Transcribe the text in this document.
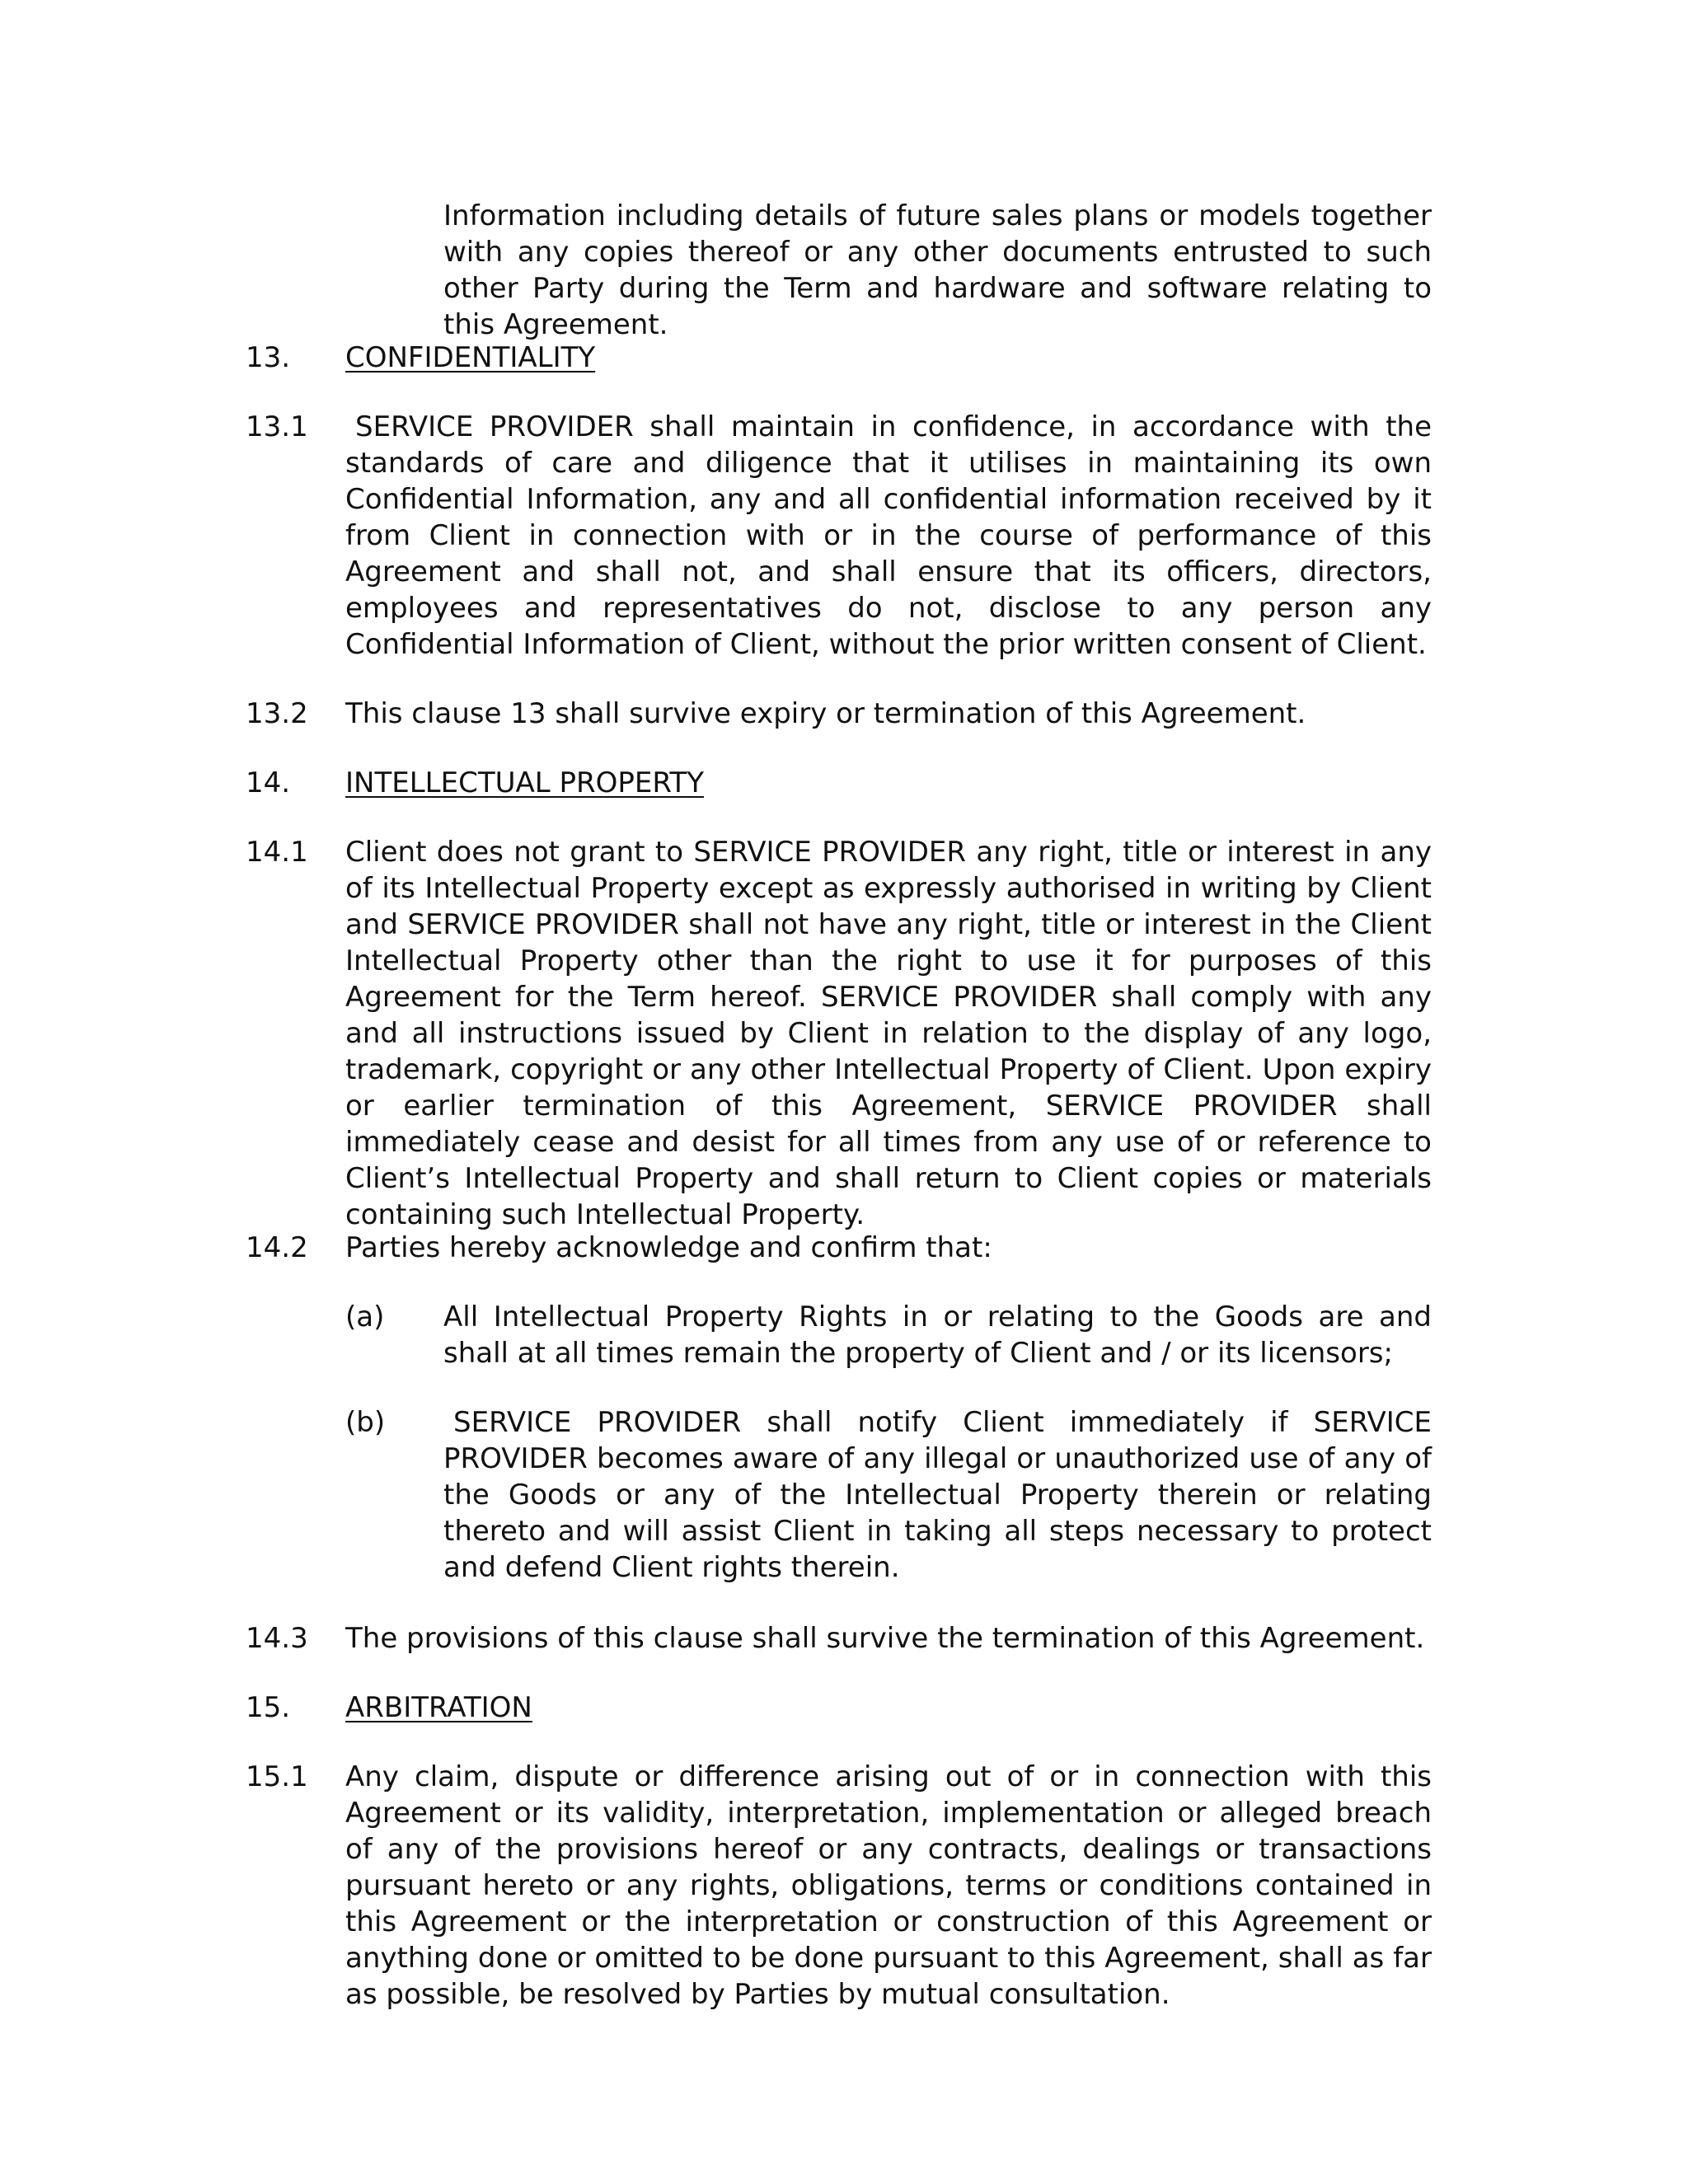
Information including details of future sales plans or models together with any copies thereof or any other documents entrusted to such other Party during the Term and hardware and software relating to this Agreement.
13. CONFIDENTIALITY
13.1	SERVICE PROVIDER shall maintain in confidence, in accordance with the standards of care and diligence that it utilises in maintaining its own Confidential Information, any and all confidential information received by it from Client in connection with or in the course of performance of this Agreement and shall not, and shall ensure that its officers, directors, employees and representatives do not, disclose to any person any Confidential Information of Client, without the prior written consent of Client.
13.2 This clause 13 shall survive expiry or termination of this Agreement.
14. INTELLECTUAL PROPERTY
14.1 Client does not grant to SERVICE PROVIDER any right, title or interest in any of its Intellectual Property except as expressly authorised in writing by Client and SERVICE PROVIDER shall not have any right, title or interest in the Client Intellectual Property other than the right to use it for purposes of this Agreement for the Term hereof. SERVICE PROVIDER shall comply with any and all instructions issued by Client in relation to the display of any logo, trademark, copyright or any other Intellectual Property of Client. Upon expiry or earlier termination of this Agreement, SERVICE PROVIDER shall immediately cease and desist for all times from any use of or reference to Client’s Intellectual Property and shall return to Client copies or materials containing such Intellectual Property.
14.2 Parties hereby acknowledge and confirm that:
(a) All Intellectual Property Rights in or relating to the Goods are and shall at all times remain the property of Client and / or its licensors;
(b)	SERVICE PROVIDER shall notify Client immediately if SERVICE PROVIDER becomes aware of any illegal or unauthorized use of any of the Goods or any of the Intellectual Property therein or relating thereto and will assist Client in taking all steps necessary to protect and defend Client rights therein.
14.3 The provisions of this clause shall survive the termination of this Agreement.
15. ARBITRATION
15.1 Any claim, dispute or difference arising out of or in connection with this Agreement or its validity, interpretation, implementation or alleged breach of any of the provisions hereof or any contracts, dealings or transactions pursuant hereto or any rights, obligations, terms or conditions contained in this Agreement or the interpretation or construction of this Agreement or anything done or omitted to be done pursuant to this Agreement, shall as far as possible, be resolved by Parties by mutual consultation.
